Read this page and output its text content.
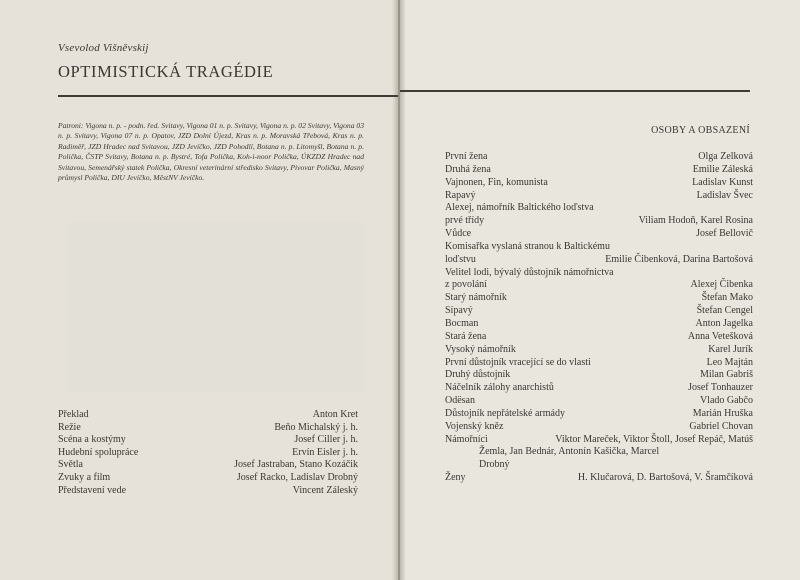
Vsevolod Višněvskij
OPTIMISTICKÁ TRAGÉDIE
Patroni: Vigona n. p. - podn. řed. Svitavy, Vigona 01 n. p. Svitavy, Vigona n. p. 02 Svitavy, Vigona 03 n. p. Svitavy, Vigona 07 n. p. Opatov, JZD Dolní Újezd, Kras n. p. Moravská Třebová, Kras n. p. Radiměř, JZD Hradec nad Svitavou, JZD Jevíčko, JZD Pohodlí, Botana n. p. Litomyšl, Botana n. p. Polička, ČSTP Svitavy, Botana n. p. Bystré, Tofa Polička, Koh-i-noor Polička, ÚKZDZ Hradec nad Svitavou, Semenářský statek Polička, Okresní veterinární středisko Svitavy, Pivovar Polička, Masný průmysl Polička, DIU Jevíčko, MěstNV Jevíčko.
Překlad	Anton Kret
Režie	Beňo Michalský j. h.
Scéna a kostýmy	Josef Ciller j. h.
Hudební spolupráce	Ervín Eisler j. h.
Světla	Josef Jastraban, Stano Kozáčik
Zvuky a film	Josef Racko, Ladislav Drobný
Představení vede	Vincent Záleský
OSOBY A OBSAZENÍ
První žena	Olga Zelková
Druhá žena	Emilie Záleská
Vajnonen, Fin, komunista	Ladislav Kunst
Rapavý	Ladislav Švec
Alexej, námořník Baltického loďstva
prvé třídy	Viliam Hodoň, Karel Rosina
Vůdce	Josef Bellovič
Komisařka vyslaná stranou k Baltickému
loďstvu	Emilie Čibenková, Darina Bartošová
Velitel lodi, bývalý důstojník námořnictva
z povolání	Alexej Čibenka
Starý námořník	Štefan Mako
Sípavý	Štefan Cengel
Bocman	Anton Jagelka
Stará žena	Anna Vetešková
Vysoký námořník	Karel Jurík
První důstojník vracející se do vlasti	Leo Majtán
Druhý důstojník	Milan Gabriš
Náčelník zálohy anarchistů	Josef Tonhauzer
Odësan	Vlado Gabčo
Důstojník nepřátelské armády	Marián Hruška
Vojenský kněz	Gabriel Chovan
Námořníci	Viktor Mareček, Viktor Štoll, Josef Repáč, Matúš
Žemla, Jan Bednár, Antonín Kašička, Marcel
Drobný
Ženy	H. Klučarová, D. Bartošová, V. Šramčíková
